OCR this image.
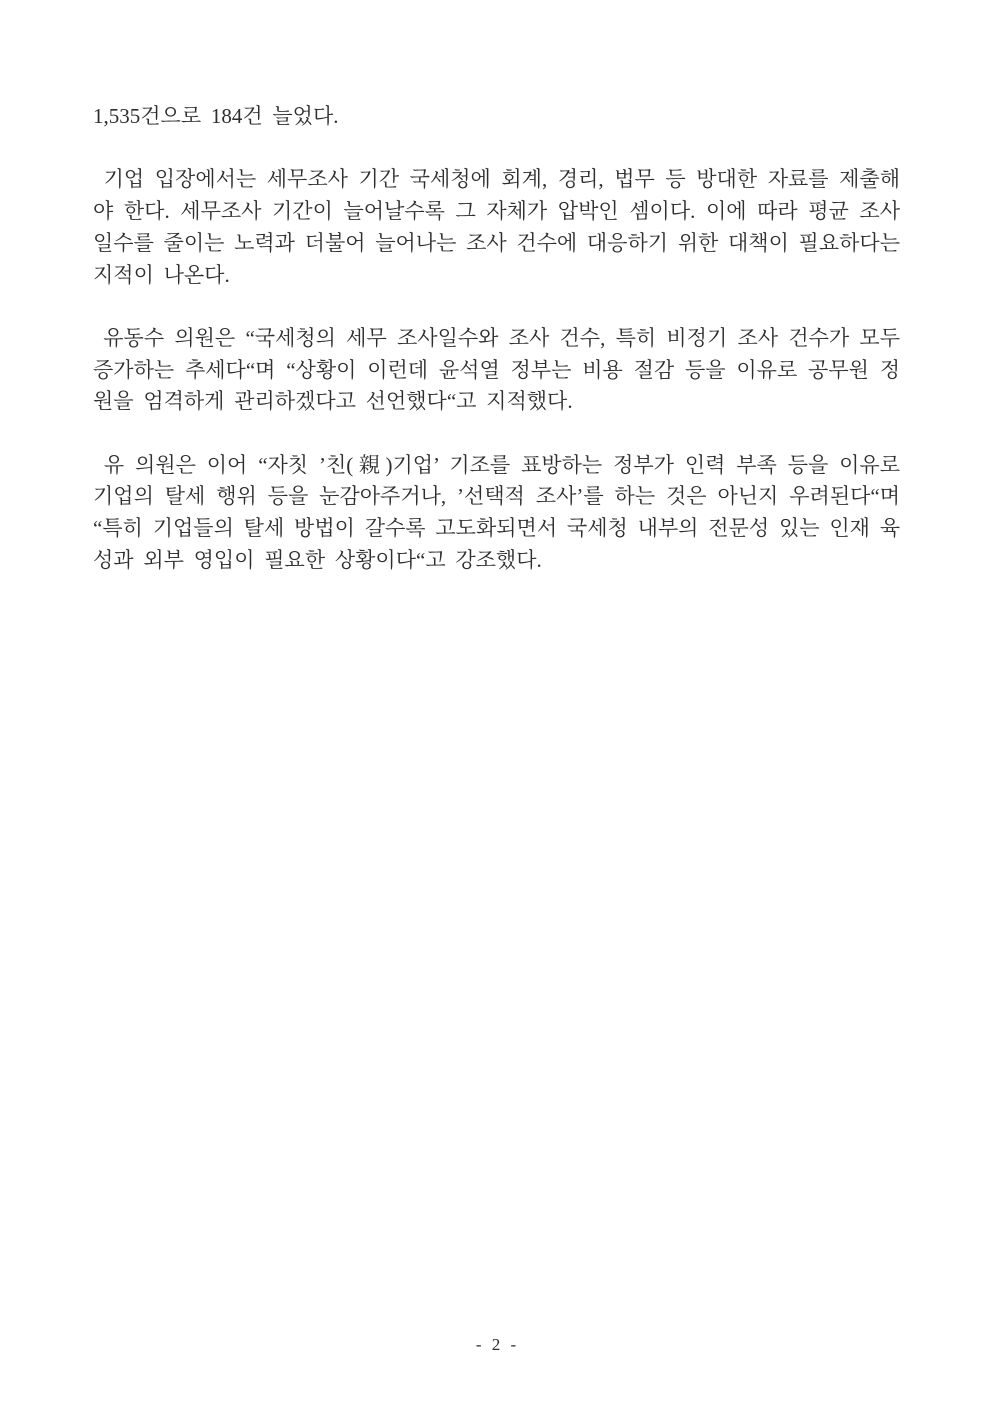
1,535건으로 184건 늘었다.

기업 입장에서는 세무조사 기간 국세청에 회계, 경리, 법무 등 방대한 자료를 제출해
야 한다. 세무조사 기간이 늘어날수록 그 자체가 압박인 셈이다. 이에 따라 평균 조사
일수를 줄이는 노력과 더불어 늘어나는 조사 건수에 대응하기 위한 대책이 필요하다는
지적이 나온다.

유동수 의원은 “국세청의 세무 조사일수와 조사 건수, 특히 비정기 조사 건수가 모두
증가하는 추세다“며 “상황이 이런데 윤석열 정부는 비용 절감 등을 이유로 공무원 정
원을 엄격하게 관리하겠다고 선언했다“고 지적했다.

유 의원은 이어 “자칫 ’친(親)기업’ 기조를 표방하는 정부가 인력 부족 등을 이유로
기업의 탈세 행위 등을 눈감아주거나, ’선택적 조사’를 하는 것은 아닌지 우려된다“며
“특히 기업들의 탈세 방법이 갈수록 고도화되면서 국세청 내부의 전문성 있는 인재 육
성과 외부 영입이 필요한 상황이다“고 강조했다.

- 2 -
